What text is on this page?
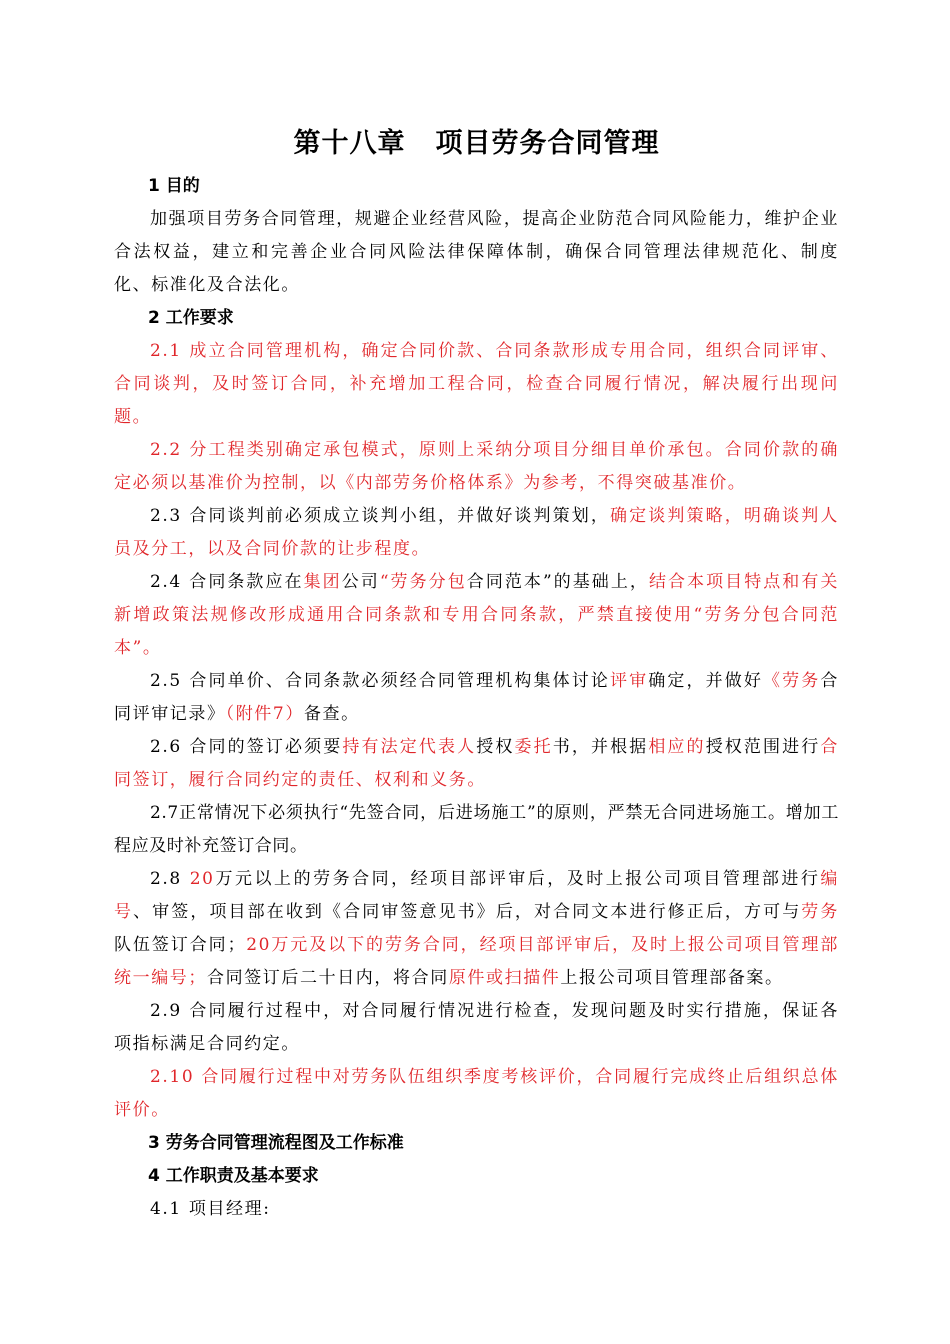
第十八章 项目劳务合同管理

1 目的

加强项目劳务合同管理，规避企业经营风险，提高企业防范合同风险能力，维护企业合法权益，建立和完善企业合同风险法律保障体制，确保合同管理法律规范化、制度化、标准化及合法化。

2 工作要求

2.1 成立合同管理机构，确定合同价款、合同条款形成专用合同，组织合同评审、合同谈判，及时签订合同，补充增加工程合同，检查合同履行情况，解决履行出现问题。

2.2 分工程类别确定承包模式，原则上采纳分项目分细目单价承包。合同价款的确定必须以基准价为控制，以《内部劳务价格体系》为参考，不得突破基准价。

2.3 合同谈判前必须成立谈判小组，并做好谈判策划，确定谈判策略，明确谈判人员及分工，以及合同价款的让步程度。

2.4 合同条款应在集团公司“劳务分包合同范本”的基础上，结合本项目特点和有关新增政策法规修改形成通用合同条款和专用合同条款，严禁直接使用“劳务分包合同范本”。

2.5 合同单价、合同条款必须经合同管理机构集体讨论评审确定，并做好《劳务合同评审记录》（附件7）备查。

2.6 合同的签订必须要持有法定代表人授权委托书，并根据相应的授权范围进行合同签订，履行合同约定的责任、权利和义务。

2.7正常情况下必须执行“先签合同，后进场施工”的原则，严禁无合同进场施工。增加工程应及时补充签订合同。

2.8 20万元以上的劳务合同，经项目部评审后，及时上报公司项目管理部进行编号、审签，项目部在收到《合同审签意见书》后，对合同文本进行修正后，方可与劳务队伍签订合同；20万元及以下的劳务合同，经项目部评审后，及时上报公司项目管理部统一编号；合同签订后二十日内，将合同原件或扫描件上报公司项目管理部备案。

2.9 合同履行过程中，对合同履行情况进行检查，发现问题及时实行措施，保证各项指标满足合同约定。

2.10 合同履行过程中对劳务队伍组织季度考核评价，合同履行完成终止后组织总体评价。

3 劳务合同管理流程图及工作标准

4 工作职责及基本要求

4.1 项目经理:
